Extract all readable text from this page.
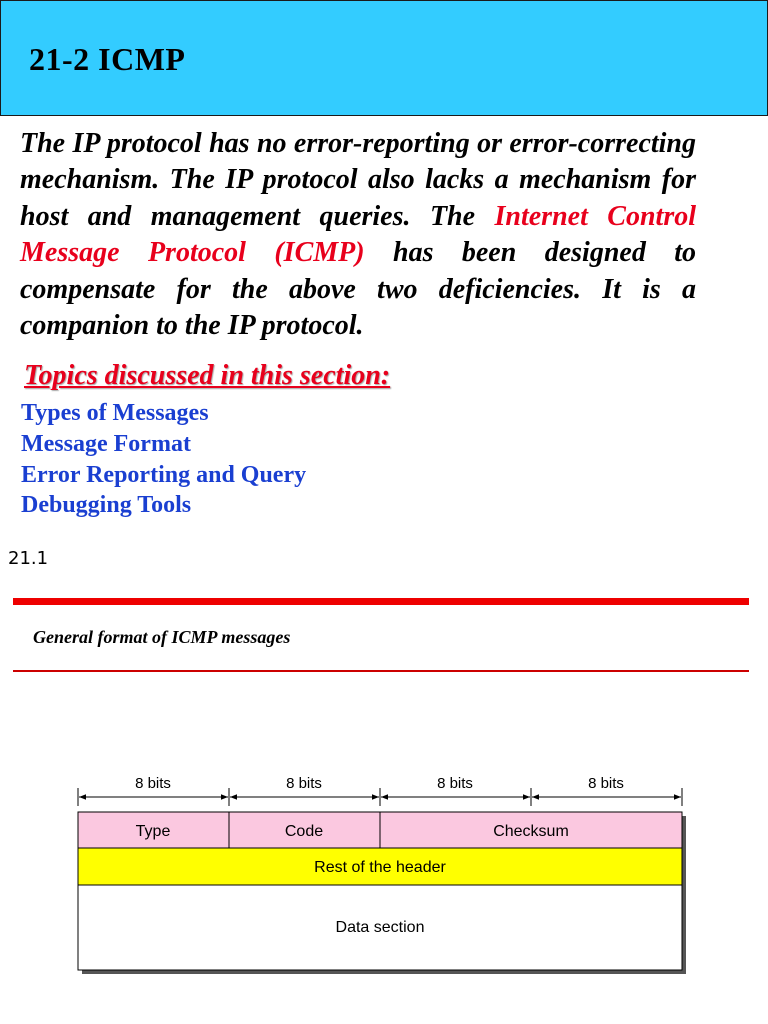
21-2 ICMP
The IP protocol has no error-reporting or error-correcting mechanism. The IP protocol also lacks a mechanism for host and management queries. The Internet Control Message Protocol (ICMP) has been designed to compensate for the above two deficiencies. It is a companion to the IP protocol.
Topics discussed in this section:
Types of Messages
Message Format
Error Reporting and Query
Debugging Tools
21.1
General format of ICMP messages
8 bits	8 bits	8 bits	8 bits
Type	Code	Checksum
Rest of the header
Data section
